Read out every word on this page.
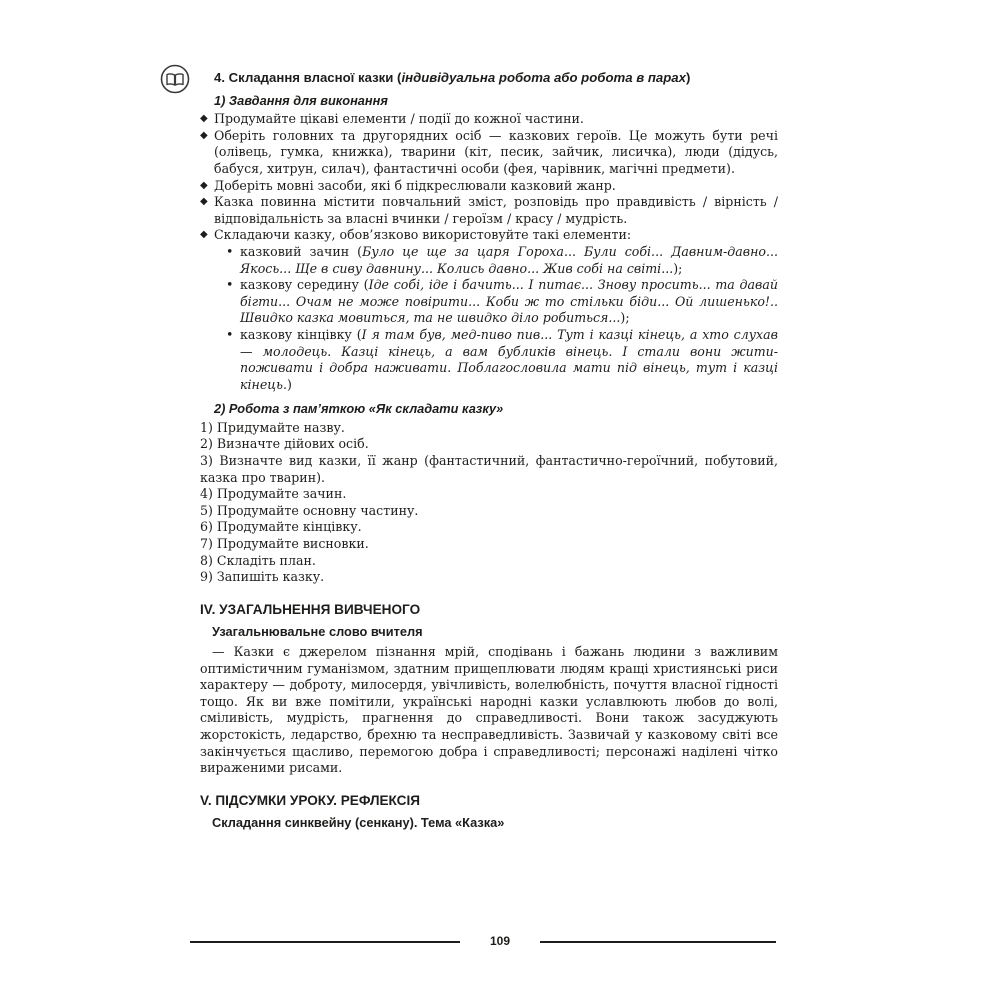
4. Складання власної казки (індивідуальна робота або робота в парах)
1) Завдання для виконання
◆ Продумайте цікаві елементи / події до кожної частини.
◆ Оберіть головних та другорядних осіб — казкових героїв. Це можуть бути речі (олівець, гумка, книжка), тварини (кіт, песик, зайчик, лисичка), люди (дідусь, бабуся, хитрун, силач), фантастичні особи (фея, чарівник, магічні предмети).
◆ Доберіть мовні засоби, які б підкреслювали казковий жанр.
◆ Казка повинна містити повчальний зміст, розповідь про правдивість / вірність / відповідальність за власні вчинки / героїзм / красу / мудрість.
◆ Складаючи казку, обов’язково використовуйте такі елементи:
• казковий зачин (Було це ще за царя Гороха... Були собі... Давним-давно... Якось... Ще в сиву давнину... Колись давно... Жив собі на світі...);
• казкову середину (Іде собі, іде і бачить... І питає... Знову просить... та давай бігти... Очам не може повірити... Коби ж то стільки біди... Ой лишенько!.. Швидко казка мовиться, та не швидко діло робиться...);
• казкову кінцівку (І я там був, мед-пиво пив... Тут і казці кінець, а хто слухав — молодець. Казці кінець, а вам бубликів вінець. І стали вони жити-поживати і добра наживати. Поблагословила мати під вінець, тут і казці кінець.)
2) Робота з пам’яткою «Як складати казку»
1) Придумайте назву.
2) Визначте дійових осіб.
3) Визначте вид казки, її жанр (фантастичний, фантастично-героїчний, побутовий, казка про тварин).
4) Продумайте зачин.
5) Продумайте основну частину.
6) Продумайте кінцівку.
7) Продумайте висновки.
8) Складіть план.
9) Запишіть казку.
IV. УЗАГАЛЬНЕННЯ ВИВЧЕНОГО
Узагальнювальне слово вчителя

— Казки є джерелом пізнання мрій, сподівань і бажань людини з важливим оптимістичним гуманізмом, здатним прищеплювати людям кращі християнські риси характеру — доброту, милосердя, увічливість, волелюбність, почуття власної гідності тощо. Як ви вже помітили, українські народні казки уславлюють любов до волі, сміливість, мудрість, прагнення до справедливості. Вони також засуджують жорстокість, ледарство, брехню та несправедливість. Зазвичай у казковому світі все закінчується щасливо, перемогою добра і справедливості; персонажі наділені чітко вираженими рисами.

V. ПІДСУМКИ УРОКУ. РЕФЛЕКСІЯ
Складання синквейну (сенкану). Тема «Казка»
109
